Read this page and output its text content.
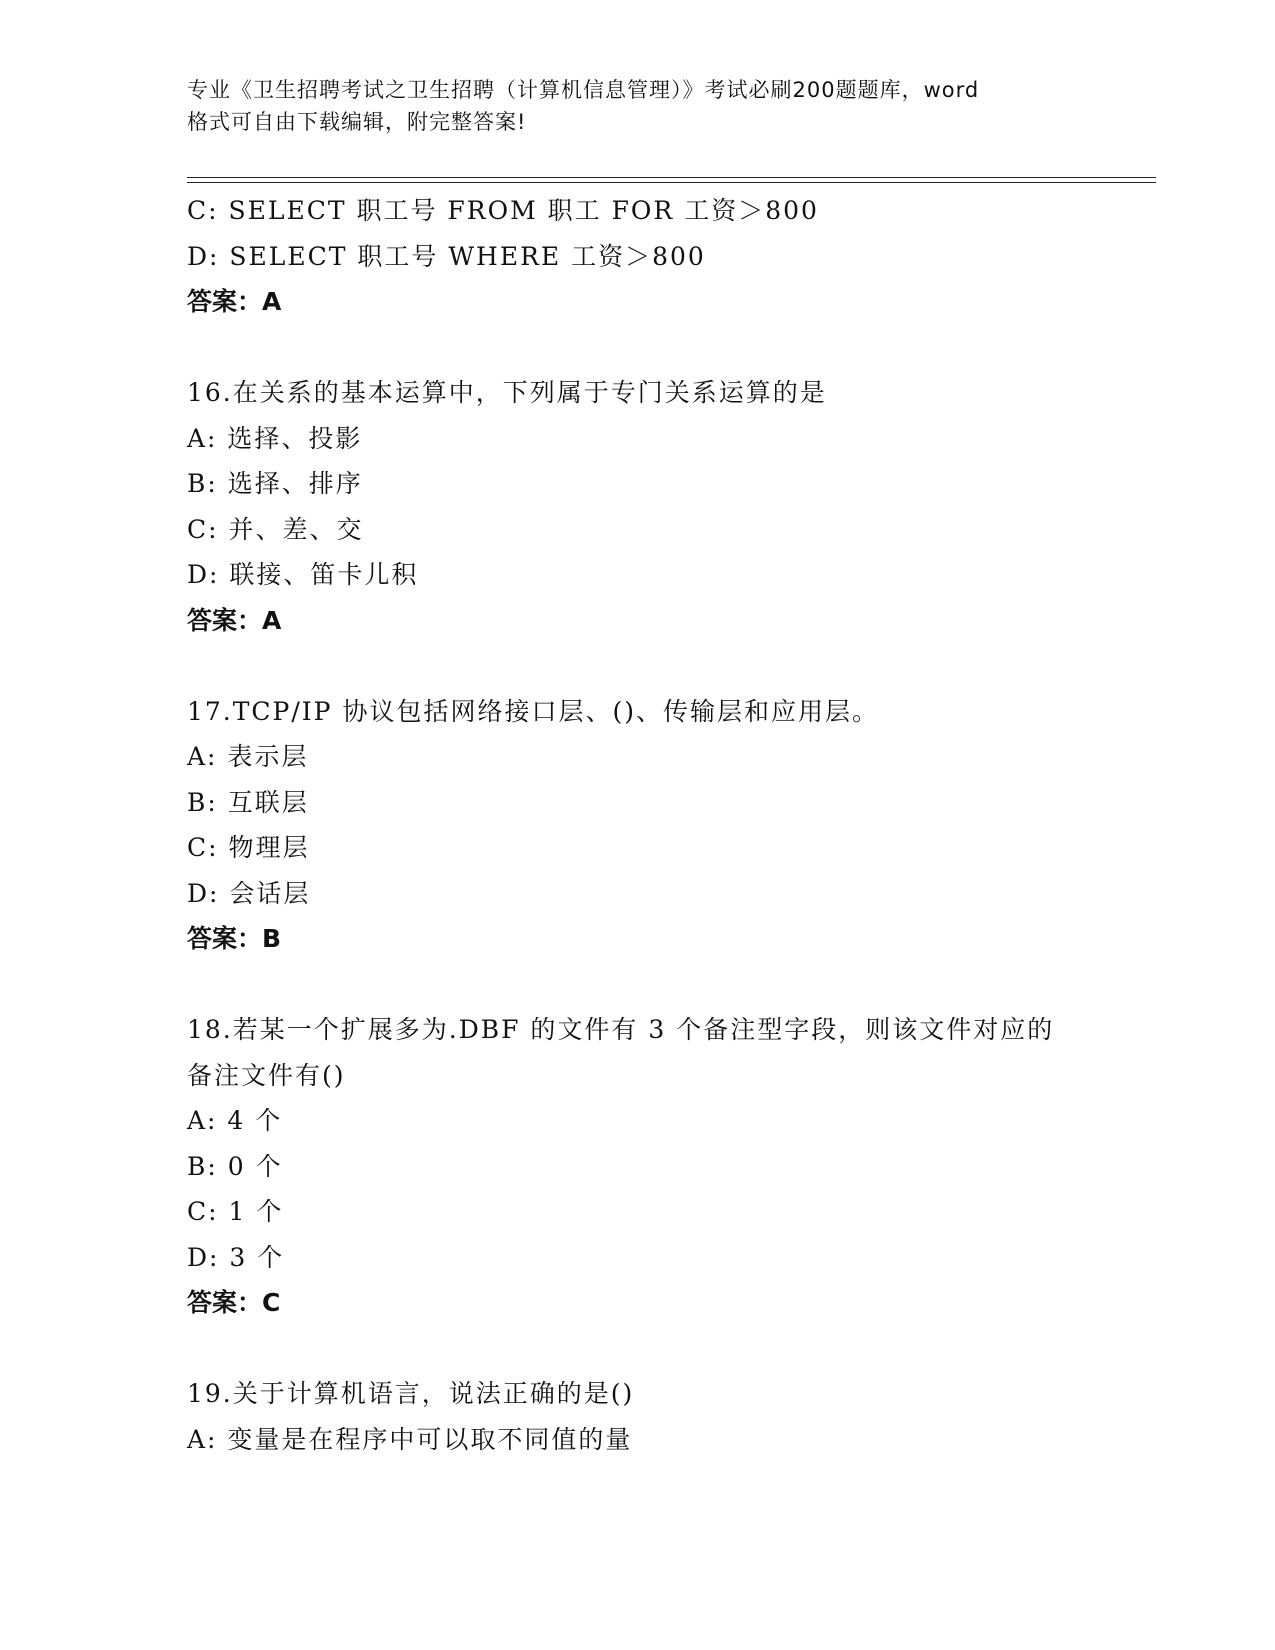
专业《卫生招聘考试之卫生招聘（计算机信息管理）》考试必刷200题题库，word
格式可自由下载编辑，附完整答案!
C: SELECT 职工号 FROM 职工 FOR 工资＞800
D: SELECT 职工号 WHERE 工资＞800
答案：A
16.在关系的基本运算中，下列属于专门关系运算的是
A: 选择、投影
B: 选择、排序
C: 并、差、交
D: 联接、笛卡儿积
答案：A
17.TCP/IP 协议包括网络接口层、()、传输层和应用层。
A: 表示层
B: 互联层
C: 物理层
D: 会话层
答案：B
18.若某一个扩展多为.DBF 的文件有 3 个备注型字段，则该文件对应的
备注文件有()
A: 4 个
B: 0 个
C: 1 个
D: 3 个
答案：C
19.关于计算机语言，说法正确的是()
A: 变量是在程序中可以取不同值的量
